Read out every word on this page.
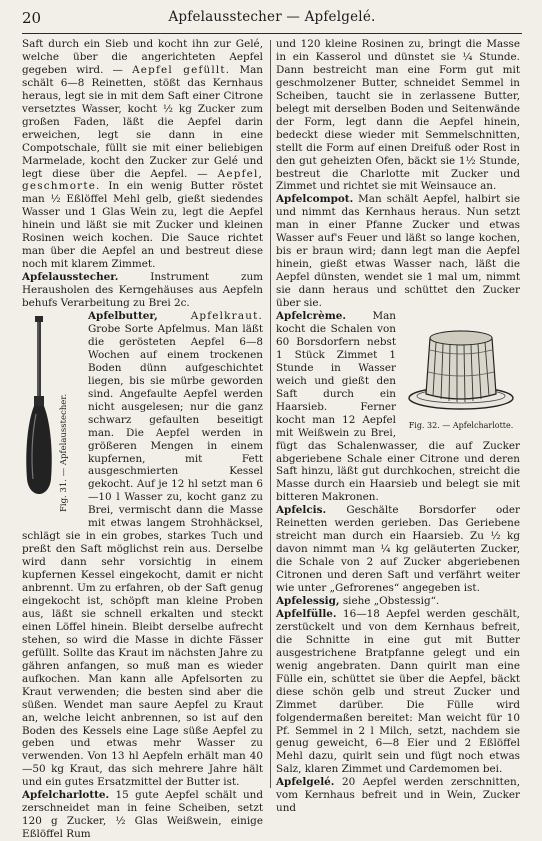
20	Apfelausstecher — Apfelgelé.

Saft durch ein Sieb und kocht ihn zur Gelé, welche über die angerichteten Aepfel gegeben wird. — Aepfel gefüllt. Man schält 6—8 Reinetten, stößt das Kernhaus heraus, legt sie in mit dem Saft einer Citrone versetztes Wasser, kocht ½ kg Zucker zum großen Faden, läßt die Aepfel darin erweichen, legt sie dann in eine Compotschale, füllt sie mit einer beliebigen Marmelade, kocht den Zucker zur Gelé und legt diese über die Aepfel. — Aepfel, geschmorte. In ein wenig Butter röstet man ½ Eßlöffel Mehl gelb, gießt siedendes Wasser und 1 Glas Wein zu, legt die Aepfel hinein und läßt sie mit Zucker und kleinen Rosinen weich kochen. Die Sauce richtet man über die Aepfel an und bestreut diese noch mit klarem Zimmet.

Apfelausstecher.	Instrument zum Herausholen des Kerngehäuses aus Aepfeln behufs Verarbeitung zu Brei 2c.

Apfelbutter,	Apfelkraut.
Fig. 31. — Apfelausstecher.
Grobe Sorte Apfelmus. Man läßt die gerösteten Aepfel 6—8 Wochen auf einem trockenen Boden dünn aufgeschichtet liegen, bis sie mürbe geworden sind. Angefaulte Aepfel werden nicht ausgelesen; nur die ganz schwarz gefaulten beseitigt man. Die Aepfel werden in größeren Mengen in einem kupfernen, mit Fett ausgeschmierten Kessel gekocht. Auf je 12 hl setzt man 6—10 l Wasser zu, kocht ganz zu Brei, vermischt dann die Masse mit etwas langem Strohhäcksel, schlägt sie in ein grobes, starkes Tuch und preßt den Saft möglichst rein aus. Derselbe wird dann sehr vorsichtig in einem kupfernen Kessel eingekocht, damit er nicht anbrennt. Um zu erfahren, ob der Saft genug eingekocht ist, schöpft man kleine Proben aus, läßt sie schnell erkalten und steckt einen Löffel hinein. Bleibt derselbe aufrecht stehen, so wird die Masse in dichte Fässer gefüllt. Sollte das Kraut im nächsten Jahre zu gähren anfangen, so muß man es wieder aufkochen. Man kann alle Apfelsorten zu Kraut verwenden; die besten sind aber die süßen. Wendet man saure Aepfel zu Kraut an, welche leicht anbrennen, so ist auf den Boden des Kessels eine Lage süße Aepfel zu geben und etwas mehr Wasser zu verwenden. Von 13 hl Aepfeln erhält man 40—50 kg Kraut, das sich mehrere Jahre hält und ein gutes Ersatzmittel der Butter ist.

Apfelcharlotte. 15 gute Aepfel schält und zerschneidet man in feine Scheiben, setzt 120 g Zucker, ½ Glas Weißwein, einige Eßlöffel Rum

und 120 kleine Rosinen zu, bringt die Masse in ein Kasserol und dünstet sie ¼ Stunde. Dann bestreicht man eine Form gut mit geschmolzener Butter, schneidet Semmel in Scheiben, taucht sie in zerlassene Butter, belegt mit derselben Boden und Seitenwände der Form, legt dann die Aepfel hinein, bedeckt diese wieder mit Semmelschnitten, stellt die Form auf einen Dreifuß oder Rost in den gut geheizten Ofen, bäckt sie 1½ Stunde, bestreut die Charlotte mit Zucker und Zimmet und richtet sie mit Weinsauce an.

Apfelcompot. Man schält Aepfel, halbirt sie und nimmt das Kernhaus heraus. Nun setzt man in einer Pfanne Zucker und etwas Wasser auf's Feuer und läßt so lange kochen, bis er braun wird; dann legt man die Aepfel hinein, gießt etwas Wasser nach, läßt die Aepfel dünsten, wendet sie 1 mal um, nimmt sie dann heraus und schüttet den Zucker über sie.

Apfelcrème.
Fig. 32. — Apfelcharlotte.
Man kocht die Schalen von 60 Borsdorfern nebst 1 Stück Zimmet 1 Stunde in Wasser weich und gießt den Saft durch ein Haarsieb. Ferner kocht man 12 Aepfel mit Weißwein zu Brei, fügt das Schalenwasser, die auf Zucker abgeriebene Schale einer Citrone und deren Saft hinzu, läßt gut durchkochen, streicht die Masse durch ein Haarsieb und belegt sie mit bitteren Makronen.

Apfelcis. Geschälte Borsdorfer oder Reinetten werden gerieben. Das Geriebene streicht man durch ein Haarsieb. Zu ½ kg davon nimmt man ¼ kg geläuterten Zucker, die Schale von 2 auf Zucker abgeriebenen Citronen und deren Saft und verfährt weiter wie unter „Gefrorenes“ angegeben ist.

Apfelessig, siehe „Obstessig“.

Apfelfülle. 16—18 Aepfel werden geschält, zerstückelt und von dem Kernhaus befreit, die Schnitte in eine gut mit Butter ausgestrichene Bratpfanne gelegt und ein wenig angebraten. Dann quirlt man eine Fülle ein, schüttet sie über die Aepfel, bäckt diese schön gelb und streut Zucker und Zimmet darüber. Die Fülle wird folgendermaßen bereitet: Man weicht für 10 Pf. Semmel in 2 l Milch, setzt, nachdem sie genug geweicht, 6—8 Eier und 2 Eßlöffel Mehl dazu, quirlt sein und fügt noch etwas Salz, klaren Zimmet und Cardemomen bei.

Apfelgelé. 20 Aepfel werden zerschnitten, vom Kernhaus befreit und in Wein, Zucker und
